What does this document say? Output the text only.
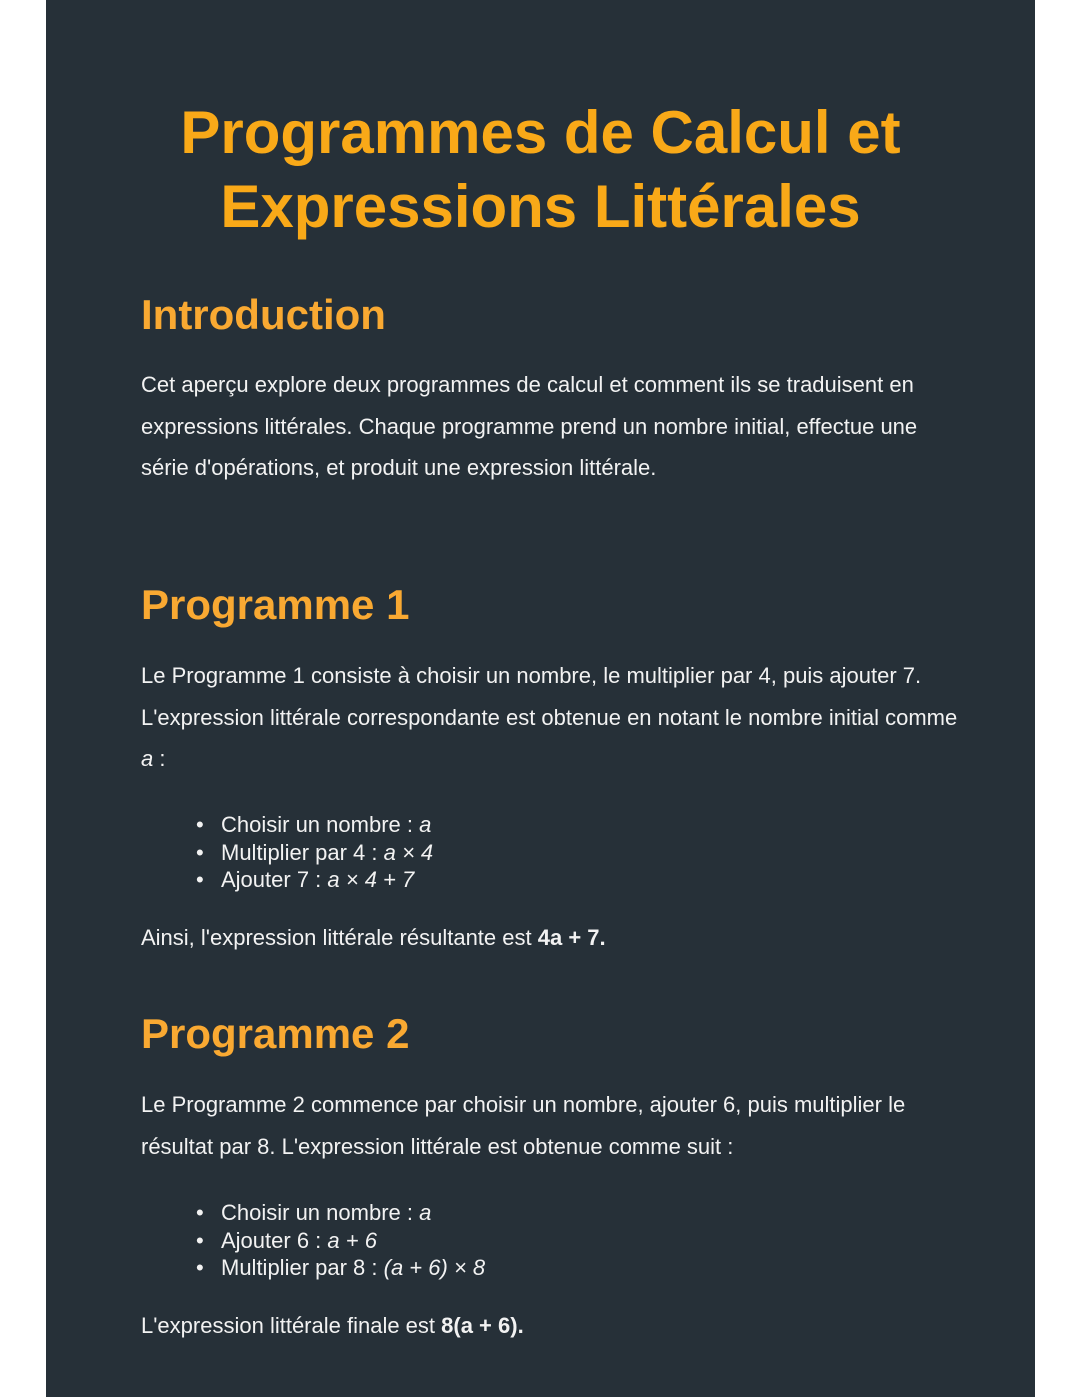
Programmes de Calcul et
Expressions Littérales
Introduction

Cet aperçu explore deux programmes de calcul et comment ils se traduisent en expressions littérales. Chaque programme prend un nombre initial, effectue une série d'opérations, et produit une expression littérale.

Programme 1

Le Programme 1 consiste à choisir un nombre, le multiplier par 4, puis ajouter 7. L'expression littérale correspondante est obtenue en notant le nombre initial comme a :

• Choisir un nombre : a
• Multiplier par 4 : a × 4
• Ajouter 7 : a × 4 + 7

Ainsi, l'expression littérale résultante est 4a + 7.

Programme 2

Le Programme 2 commence par choisir un nombre, ajouter 6, puis multiplier le résultat par 8. L'expression littérale est obtenue comme suit :

• Choisir un nombre : a
• Ajouter 6 : a + 6
• Multiplier par 8 : (a + 6) × 8

L'expression littérale finale est 8(a + 6).
